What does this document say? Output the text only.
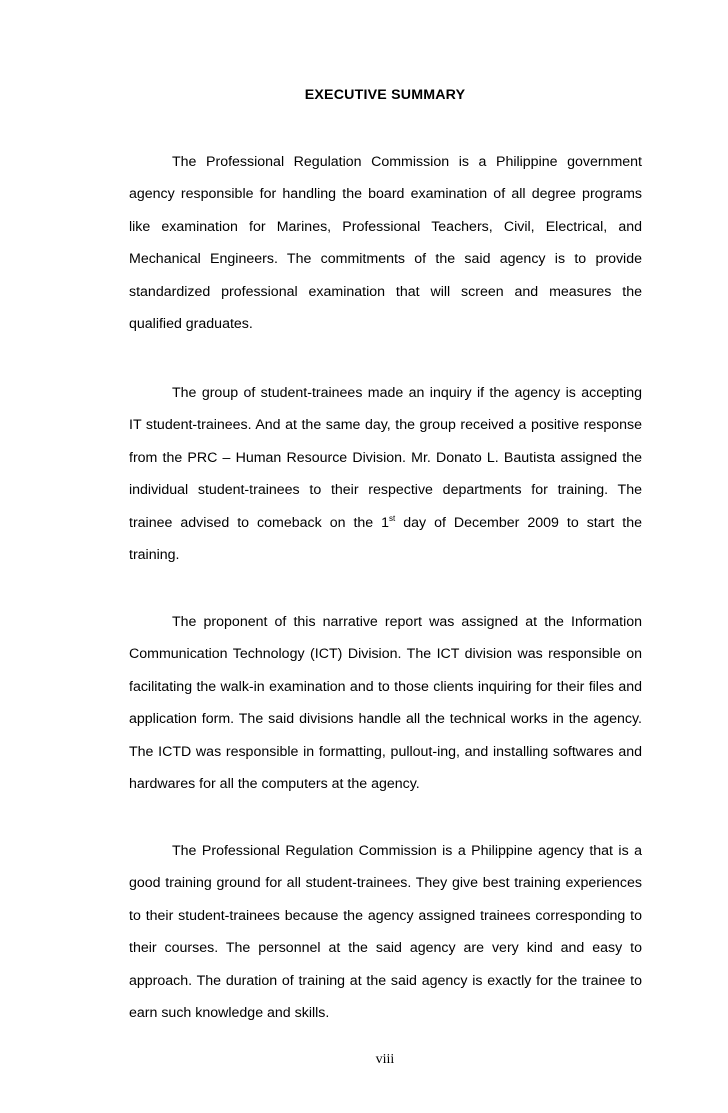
EXECUTIVE SUMMARY

The Professional Regulation Commission is a Philippine government agency responsible for handling the board examination of all degree programs like examination for Marines, Professional Teachers, Civil, Electrical, and Mechanical Engineers. The commitments of the said agency is to provide standardized professional examination that will screen and measures the qualified graduates.

The group of student-trainees made an inquiry if the agency is accepting IT student-trainees. And at the same day, the group received a positive response from the PRC – Human Resource Division. Mr. Donato L. Bautista assigned the individual student-trainees to their respective departments for training. The trainee advised to comeback on the 1st day of December 2009 to start the training.

The proponent of this narrative report was assigned at the Information Communication Technology (ICT) Division. The ICT division was responsible on facilitating the walk-in examination and to those clients inquiring for their files and application form. The said divisions handle all the technical works in the agency. The ICTD was responsible in formatting, pullout-ing, and installing softwares and hardwares for all the computers at the agency.

The Professional Regulation Commission is a Philippine agency that is a good training ground for all student-trainees. They give best training experiences to their student-trainees because the agency assigned trainees corresponding to their courses. The personnel at the said agency are very kind and easy to approach. The duration of training at the said agency is exactly for the trainee to earn such knowledge and skills.

viii
